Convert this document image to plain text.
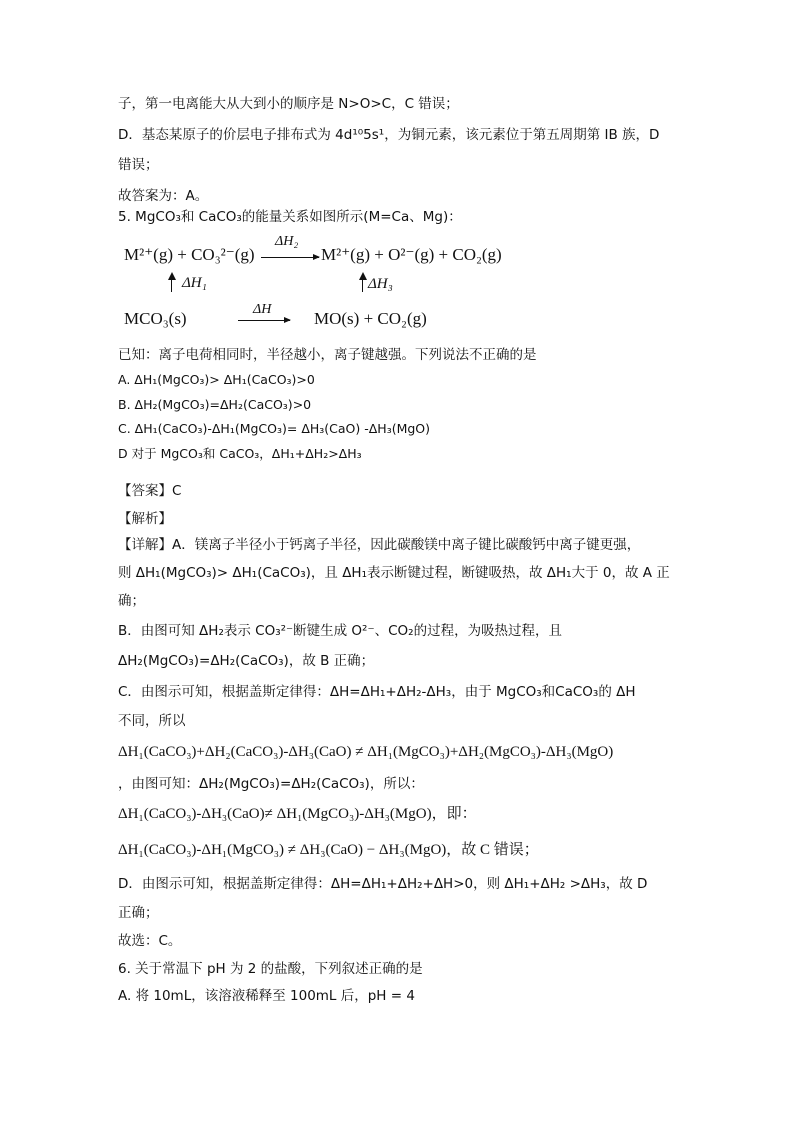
子，第一电离能大从大到小的顺序是 N>O>C，C 错误；
D．基态某原子的价层电子排布式为 4d¹⁰5s¹，为铜元素，该元素位于第五周期第 IB 族，D
错误；
故答案为：A。
5. MgCO₃和 CaCO₃的能量关系如图所示(M=Ca、Mg)：
M²⁺(g) + CO₃²⁻(g)
ΔH₂
M²⁺(g) + O²⁻(g) + CO₂(g)
ΔH₁	ΔH₃
MCO₃(s)	ΔH	MO(s) + CO₂(g)
已知：离子电荷相同时，半径越小，离子键越强。下列说法不正确的是
A. ΔH₁(MgCO₃)> ΔH₁(CaCO₃)>0
B. ΔH₂(MgCO₃)=ΔH₂(CaCO₃)>0
C. ΔH₁(CaCO₃)-ΔH₁(MgCO₃)= ΔH₃(CaO) -ΔH₃(MgO)
D 对于 MgCO₃和 CaCO₃，ΔH₁+ΔH₂>ΔH₃
【答案】C
【解析】
【详解】A．镁离子半径小于钙离子半径，因此碳酸镁中离子键比碳酸钙中离子键更强，
则 ΔH₁(MgCO₃)> ΔH₁(CaCO₃)，且 ΔH₁表示断键过程，断键吸热，故 ΔH₁大于 0，故 A 正
确；
B．由图可知 ΔH₂表示 CO₃²⁻断键生成 O²⁻、CO₂的过程，为吸热过程，且
ΔH₂(MgCO₃)=ΔH₂(CaCO₃)，故 B 正确；
C．由图示可知，根据盖斯定律得：ΔH=ΔH₁+ΔH₂-ΔH₃，由于 MgCO₃和CaCO₃的 ΔH
不同，所以
ΔH₁(CaCO₃)+ΔH₂(CaCO₃)-ΔH₃(CaO) ≠ ΔH₁(MgCO₃)+ΔH₂(MgCO₃)-ΔH₃(MgO)
，由图可知：ΔH₂(MgCO₃)=ΔH₂(CaCO₃)，所以：
ΔH₁(CaCO₃)-ΔH₃(CaO)≠ ΔH₁(MgCO₃)-ΔH₃(MgO)，即：
ΔH₁(CaCO₃)-ΔH₁(MgCO₃) ≠ ΔH₃(CaO) − ΔH₃(MgO)，故 C 错误；
D．由图示可知，根据盖斯定律得：ΔH=ΔH₁+ΔH₂+ΔH>0，则 ΔH₁+ΔH₂ >ΔH₃，故 D
正确；
故选：C。
6. 关于常温下 pH 为 2 的盐酸，下列叙述正确的是
A. 将 10mL，该溶液稀释至 100mL 后，pH = 4
